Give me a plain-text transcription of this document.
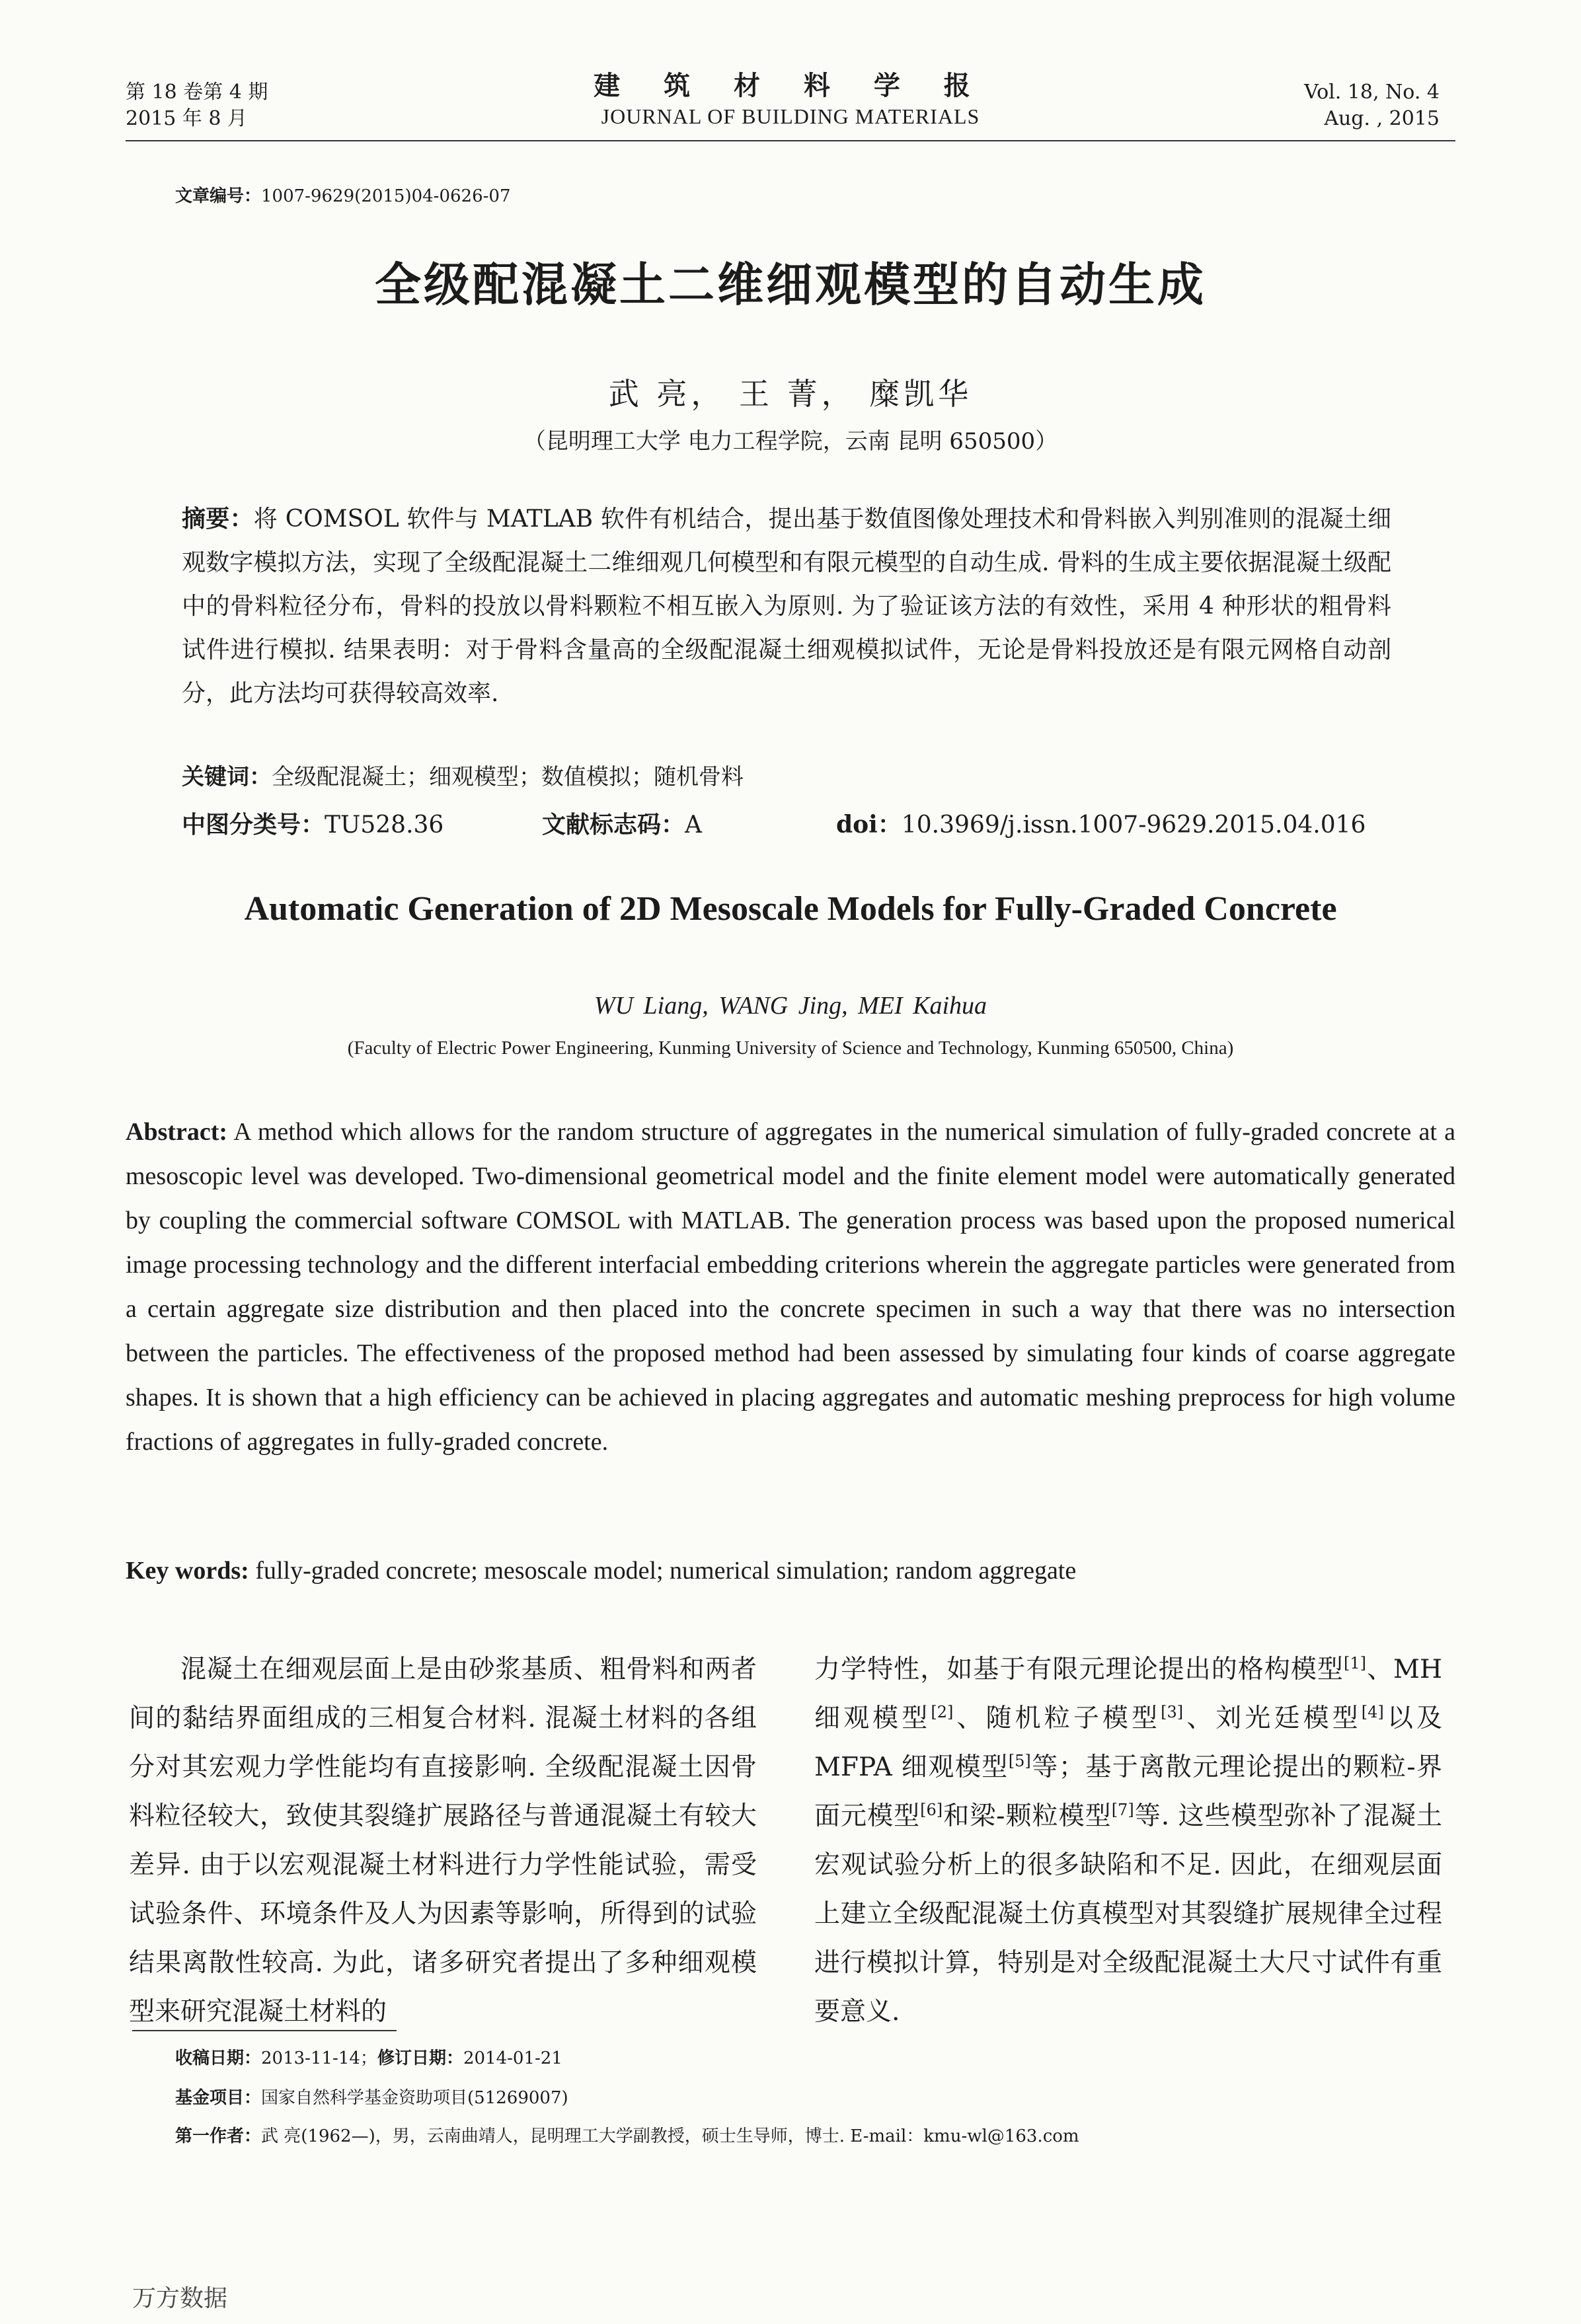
第 18 卷第 4 期
2015 年 8 月
建 筑 材 料 学 报
JOURNAL OF BUILDING MATERIALS
Vol. 18, No. 4
Aug. , 2015
文章编号：1007-9629(2015)04-0626-07
全级配混凝土二维细观模型的自动生成
武 亮， 王 菁， 糜凯华
（昆明理工大学 电力工程学院，云南 昆明 650500）
摘要：将 COMSOL 软件与 MATLAB 软件有机结合，提出基于数值图像处理技术和骨料嵌入判别准则的混凝土细观数字模拟方法，实现了全级配混凝土二维细观几何模型和有限元模型的自动生成. 骨料的生成主要依据混凝土级配中的骨料粒径分布，骨料的投放以骨料颗粒不相互嵌入为原则. 为了验证该方法的有效性，采用 4 种形状的粗骨料试件进行模拟. 结果表明：对于骨料含量高的全级配混凝土细观模拟试件，无论是骨料投放还是有限元网格自动剖分，此方法均可获得较高效率.
关键词：全级配混凝土；细观模型；数值模拟；随机骨料
中图分类号：TU528.36	文献标志码：A	doi：10.3969/j.issn.1007-9629.2015.04.016
Automatic Generation of 2D Mesoscale Models for Fully-Graded Concrete
WU Liang, WANG Jing, MEI Kaihua
(Faculty of Electric Power Engineering, Kunming University of Science and Technology, Kunming 650500, China)
Abstract: A method which allows for the random structure of aggregates in the numerical simulation of fully-graded concrete at a mesoscopic level was developed. Two-dimensional geometrical model and the finite element model were automatically generated by coupling the commercial software COMSOL with MATLAB. The generation process was based upon the proposed numerical image processing technology and the different interfacial embedding criterions wherein the aggregate particles were generated from a certain aggregate size distribution and then placed into the concrete specimen in such a way that there was no intersection between the particles. The effectiveness of the proposed method had been assessed by simulating four kinds of coarse aggregate shapes. It is shown that a high efficiency can be achieved in placing aggregates and automatic meshing preprocess for high volume fractions of aggregates in fully-graded concrete.
Key words: fully-graded concrete; mesoscale model; numerical simulation; random aggregate
混凝土在细观层面上是由砂浆基质、粗骨料和两者间的黏结界面组成的三相复合材料. 混凝土材料的各组分对其宏观力学性能均有直接影响. 全级配混凝土因骨料粒径较大，致使其裂缝扩展路径与普通混凝土有较大差异. 由于以宏观混凝土材料进行力学性能试验，需受试验条件、环境条件及人为因素等影响，所得到的试验结果离散性较高. 为此，诸多研究者提出了多种细观模型来研究混凝土材料的
力学特性，如基于有限元理论提出的格构模型[1]、MH 细观模型[2]、随机粒子模型[3]、刘光廷模型[4]以及 MFPA 细观模型[5]等；基于离散元理论提出的颗粒-界面元模型[6]和梁-颗粒模型[7]等. 这些模型弥补了混凝土宏观试验分析上的很多缺陷和不足. 因此，在细观层面上建立全级配混凝土仿真模型对其裂缝扩展规律全过程进行模拟计算，特别是对全级配混凝土大尺寸试件有重要意义.
收稿日期：2013-11-14；修订日期：2014-01-21
基金项目：国家自然科学基金资助项目(51269007)
第一作者：武 亮(1962—)，男，云南曲靖人，昆明理工大学副教授，硕士生导师，博士. E-mail：kmu-wl@163.com
万方数据
